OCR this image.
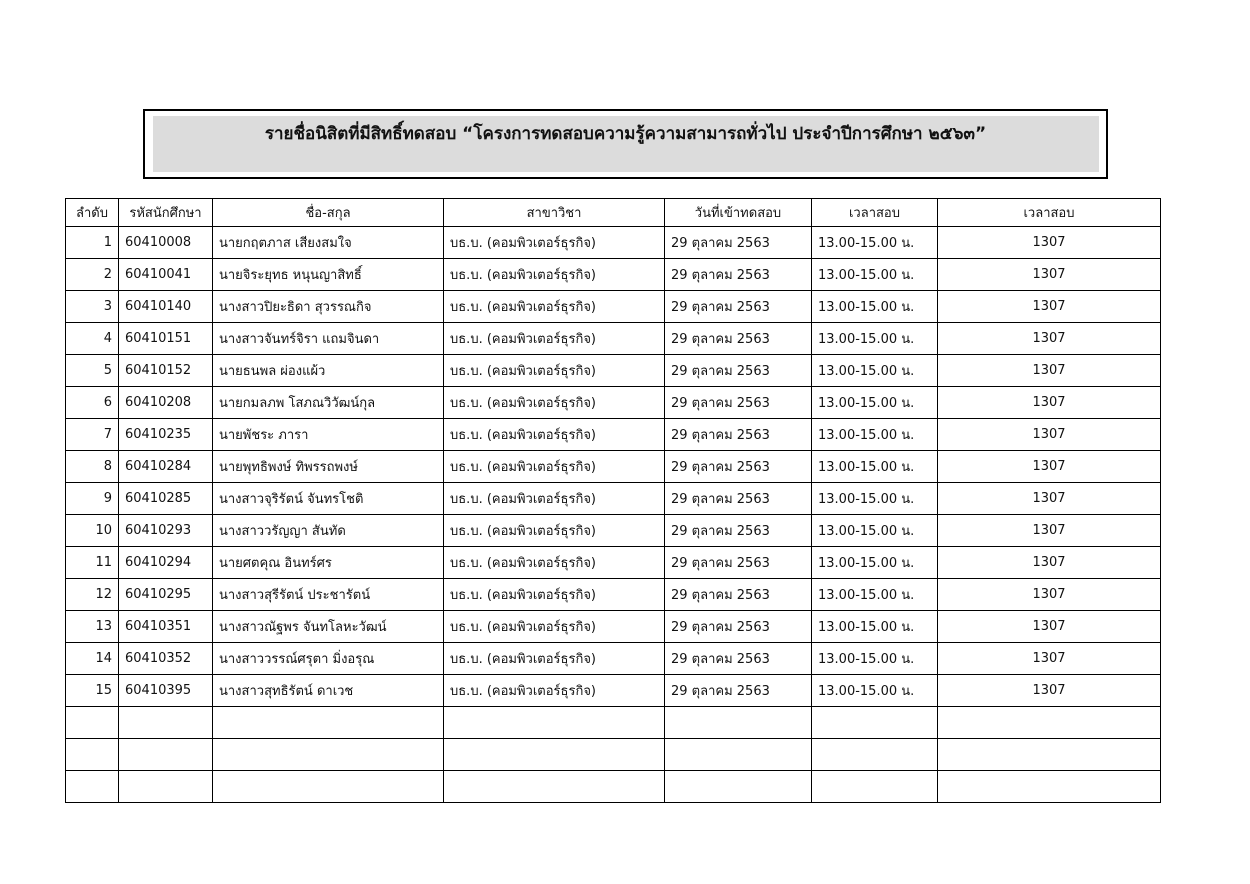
รายชื่อนิสิตที่มีสิทธิ์ทดสอบ “โครงการทดสอบความรู้ความสามารถทั่วไป ประจำปีการศึกษา ๒๕๖๓”
ลำดับ	รหัสนักศึกษา	ชื่อ-สกุล	สาขาวิชา	วันที่เข้าทดสอบ	เวลาสอบ	เวลาสอบ
1	60410008	นายกฤตภาส เสียงสมใจ	บธ.บ. (คอมพิวเตอร์ธุรกิจ)	29 ตุลาคม 2563	13.00-15.00 น.	1307
2	60410041	นายจิระยุทธ หนุนญาสิทธิ์	บธ.บ. (คอมพิวเตอร์ธุรกิจ)	29 ตุลาคม 2563	13.00-15.00 น.	1307
3	60410140	นางสาวปิยะธิดา สุวรรณกิจ	บธ.บ. (คอมพิวเตอร์ธุรกิจ)	29 ตุลาคม 2563	13.00-15.00 น.	1307
4	60410151	นางสาวจันทร์จิรา แถมจินดา	บธ.บ. (คอมพิวเตอร์ธุรกิจ)	29 ตุลาคม 2563	13.00-15.00 น.	1307
5	60410152	นายธนพล ผ่องแผ้ว	บธ.บ. (คอมพิวเตอร์ธุรกิจ)	29 ตุลาคม 2563	13.00-15.00 น.	1307
6	60410208	นายกมลภพ โสภณวิวัฒน์กุล	บธ.บ. (คอมพิวเตอร์ธุรกิจ)	29 ตุลาคม 2563	13.00-15.00 น.	1307
7	60410235	นายพัชระ ภารา	บธ.บ. (คอมพิวเตอร์ธุรกิจ)	29 ตุลาคม 2563	13.00-15.00 น.	1307
8	60410284	นายพุทธิพงษ์ ทิพรรถพงษ์	บธ.บ. (คอมพิวเตอร์ธุรกิจ)	29 ตุลาคม 2563	13.00-15.00 น.	1307
9	60410285	นางสาวจุริรัตน์ จันทรโชติ	บธ.บ. (คอมพิวเตอร์ธุรกิจ)	29 ตุลาคม 2563	13.00-15.00 น.	1307
10	60410293	นางสาววรัญญา สันทัด	บธ.บ. (คอมพิวเตอร์ธุรกิจ)	29 ตุลาคม 2563	13.00-15.00 น.	1307
11	60410294	นายศตคุณ อินทร์ศร	บธ.บ. (คอมพิวเตอร์ธุรกิจ)	29 ตุลาคม 2563	13.00-15.00 น.	1307
12	60410295	นางสาวสุรีรัตน์ ประชารัตน์	บธ.บ. (คอมพิวเตอร์ธุรกิจ)	29 ตุลาคม 2563	13.00-15.00 น.	1307
13	60410351	นางสาวณัฐพร จันทโลหะวัฒน์	บธ.บ. (คอมพิวเตอร์ธุรกิจ)	29 ตุลาคม 2563	13.00-15.00 น.	1307
14	60410352	นางสาววรรณ์ศรุตา มิ่งอรุณ	บธ.บ. (คอมพิวเตอร์ธุรกิจ)	29 ตุลาคม 2563	13.00-15.00 น.	1307
15	60410395	นางสาวสุทธิรัตน์ ดาเวช	บธ.บ. (คอมพิวเตอร์ธุรกิจ)	29 ตุลาคม 2563	13.00-15.00 น.	1307
